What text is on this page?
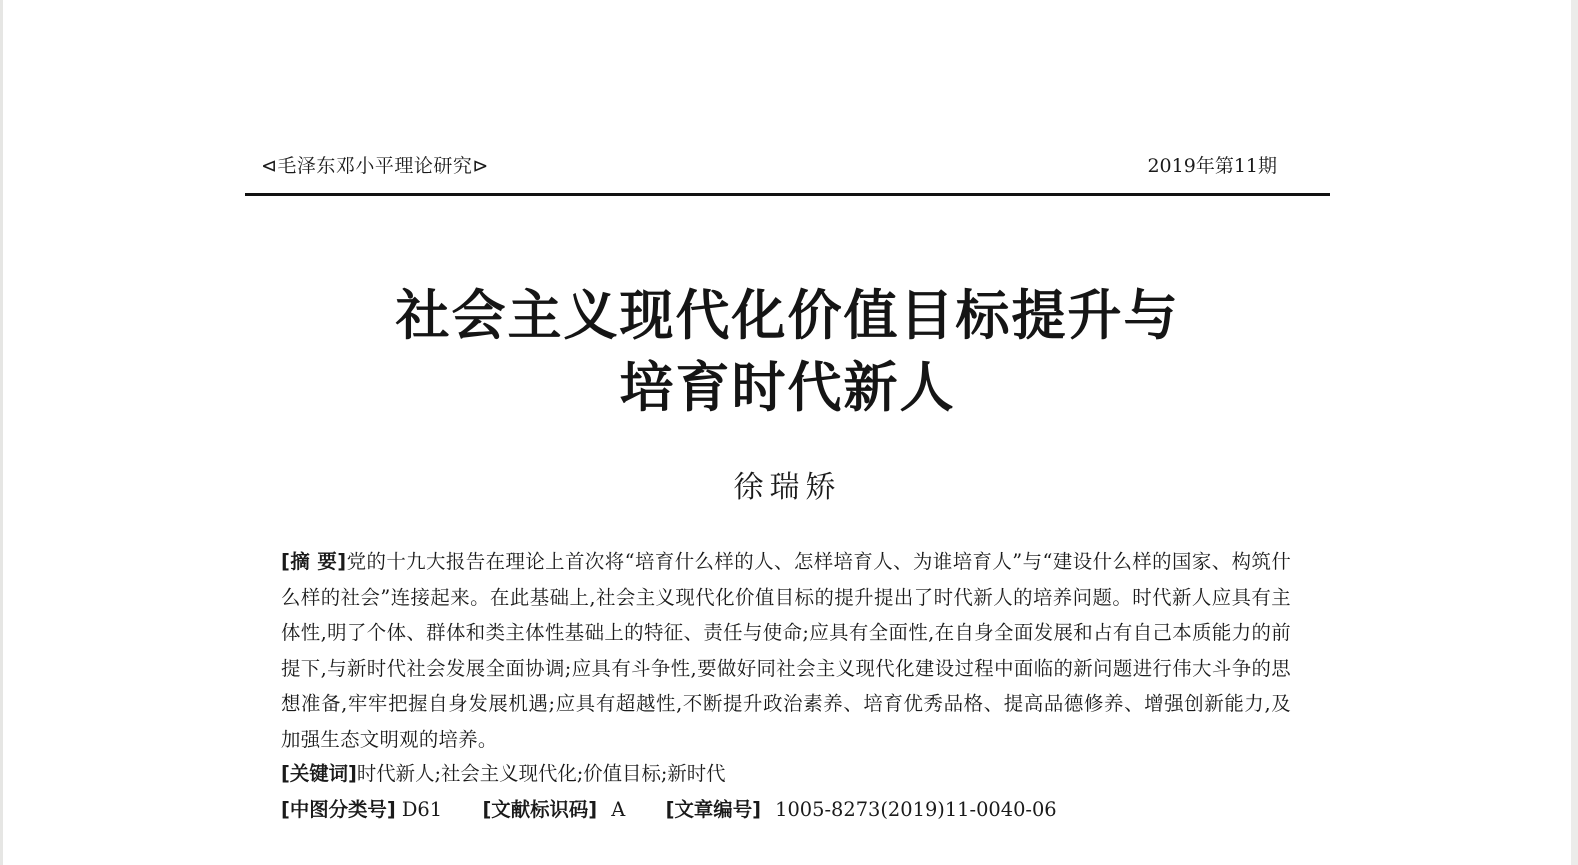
⊲毛泽东邓小平理论研究⊳	2019年第11期
社会主义现代化价值目标提升与
培育时代新人
徐瑞矫
[摘 要]党的十九大报告在理论上首次将“培育什么样的人、怎样培育人、为谁培育人”与“建设什么样的国家、构筑什么样的社会”连接起来。在此基础上,社会主义现代化价值目标的提升提出了时代新人的培养问题。时代新人应具有主体性,明了个体、群体和类主体性基础上的特征、责任与使命;应具有全面性,在自身全面发展和占有自己本质能力的前提下,与新时代社会发展全面协调;应具有斗争性,要做好同社会主义现代化建设过程中面临的新问题进行伟大斗争的思想准备,牢牢把握自身发展机遇;应具有超越性,不断提升政治素养、培育优秀品格、提高品德修养、增强创新能力,及加强生态文明观的培养。
[关键词]时代新人;社会主义现代化;价值目标;新时代
[中图分类号] D61 [文献标识码] A [文章编号] 1005-8273(2019)11-0040-06
